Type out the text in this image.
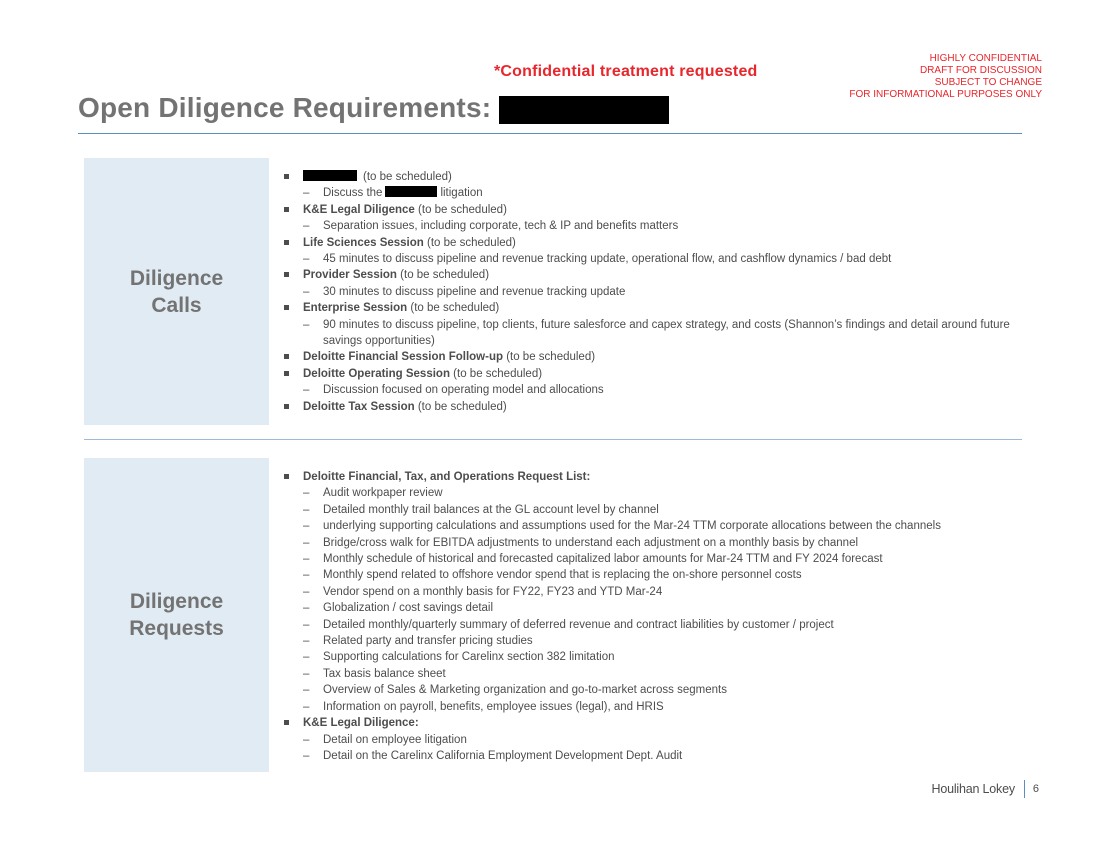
*Confidential treatment requested
HIGHLY CONFIDENTIAL
DRAFT FOR DISCUSSION
SUBJECT TO CHANGE
FOR INFORMATIONAL PURPOSES ONLY
Open Diligence Requirements:
Diligence
Calls
(to be scheduled)
– Discuss the	litigation
K&E Legal Diligence (to be scheduled)
– Separation issues, including corporate, tech & IP and benefits matters
Life Sciences Session (to be scheduled)
– 45 minutes to discuss pipeline and revenue tracking update, operational flow, and cashflow dynamics / bad debt
Provider Session (to be scheduled)
– 30 minutes to discuss pipeline and revenue tracking update
Enterprise Session (to be scheduled)
– 90 minutes to discuss pipeline, top clients, future salesforce and capex strategy, and costs (Shannon’s findings and detail around future savings opportunities)
Deloitte Financial Session Follow-up (to be scheduled)
Deloitte Operating Session (to be scheduled)
– Discussion focused on operating model and allocations
Deloitte Tax Session (to be scheduled)
Diligence
Requests
Deloitte Financial, Tax, and Operations Request List:
– Audit workpaper review
– Detailed monthly trail balances at the GL account level by channel
– underlying supporting calculations and assumptions used for the Mar-24 TTM corporate allocations between the channels
– Bridge/cross walk for EBITDA adjustments to understand each adjustment on a monthly basis by channel
– Monthly schedule of historical and forecasted capitalized labor amounts for Mar-24 TTM and FY 2024 forecast
– Monthly spend related to offshore vendor spend that is replacing the on-shore personnel costs
– Vendor spend on a monthly basis for FY22, FY23 and YTD Mar-24
– Globalization / cost savings detail
– Detailed monthly/quarterly summary of deferred revenue and contract liabilities by customer / project
– Related party and transfer pricing studies
– Supporting calculations for Carelinx section 382 limitation
– Tax basis balance sheet
– Overview of Sales & Marketing organization and go-to-market across segments
– Information on payroll, benefits, employee issues (legal), and HRIS
K&E Legal Diligence:
– Detail on employee litigation
– Detail on the Carelinx California Employment Development Dept. Audit
Houlihan Lokey 6
